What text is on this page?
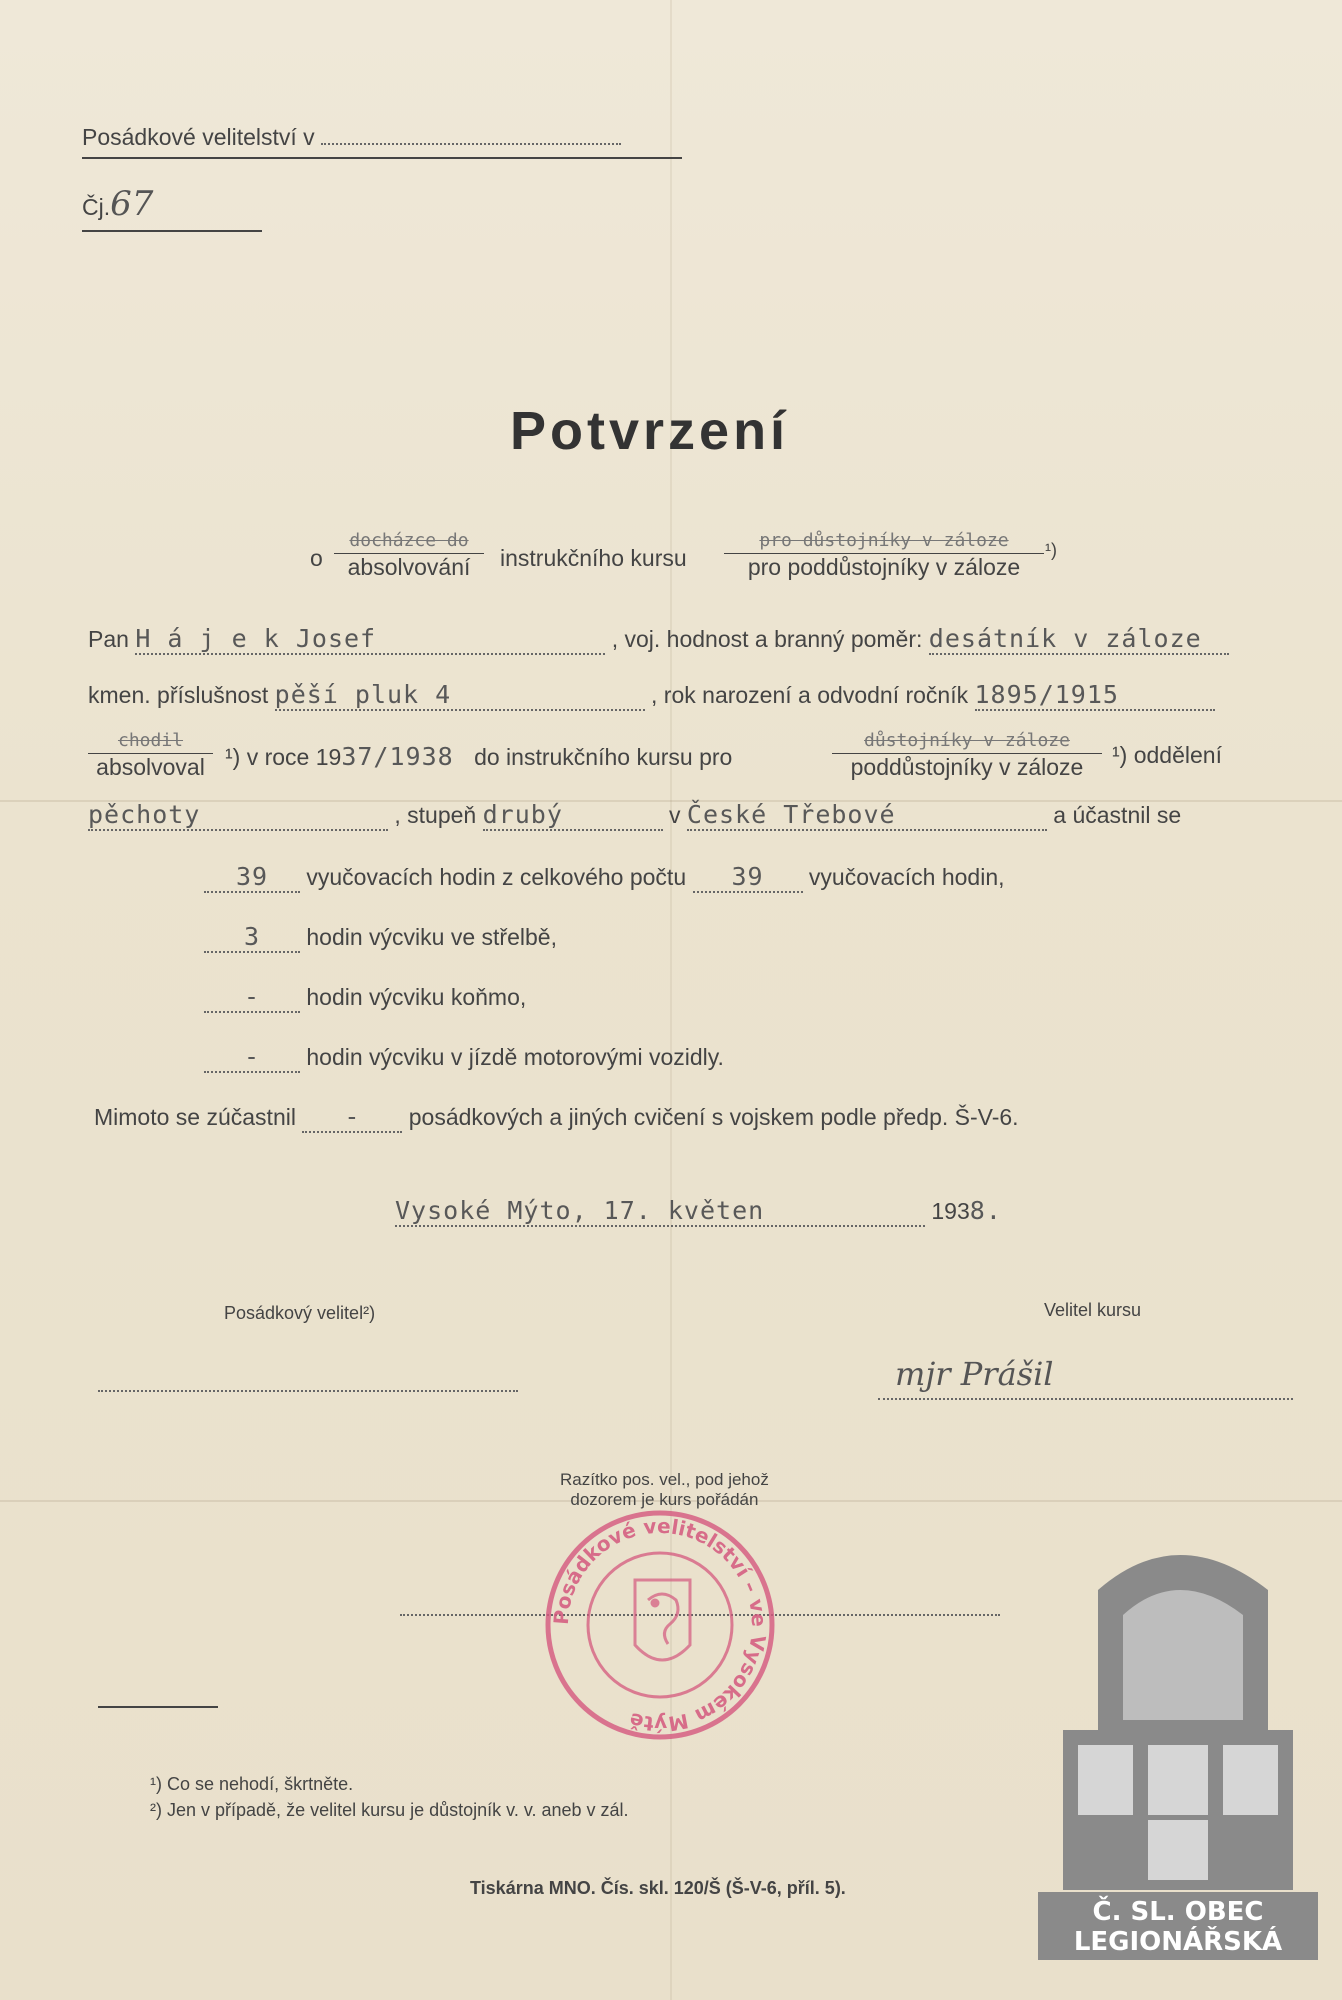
Posádkové velitelství v
Čj.67
Potvrzení
o
docházce do
absolvování	instrukčního kursu
pro důstojníky v záloze
pro poddůstojníky v záloze
¹)
Pan H á j e k Josef	, voj. hodnost a branný poměr: desátník v záloze
kmen. příslušnost pěší pluk 4	, rok narození a odvodní ročník 1895/1915
chodil
absolvoval ¹) v roce 1937/1938 do instrukčního kursu pro
důstojníky v záloze
poddůstojníky v záloze	¹) oddělení
pěchoty	, stupeň drubý	v České Třebové	a účastnil se
39 vyučovacích hodin z celkového počtu 39 vyučovacích hodin,
3 hodin výcviku ve střelbě,
- hodin výcviku koňmo,
- hodin výcviku v jízdě motorovými vozidly.
Mimoto se zúčastnil - posádkových a jiných cvičení s vojskem podle předp. Š-V-6.
Vysoké Mýto, 17. květen	1938.
Posádkový velitel²)	Velitel kursu
mjr Prášil
Razítko pos. vel., pod jehož
dozorem je kurs pořádán
Posádkové velitelství – ve Vysokém Mýtě
¹) Co se nehodí, škrtněte.
²) Jen v případě, že velitel kursu je důstojník v. v. aneb v zál.
Tiskárna MNO. Čís. skl. 120/Š (Š-V-6, příl. 5).
Č. SL. OBEC
LEGIONÁŘSKÁ
